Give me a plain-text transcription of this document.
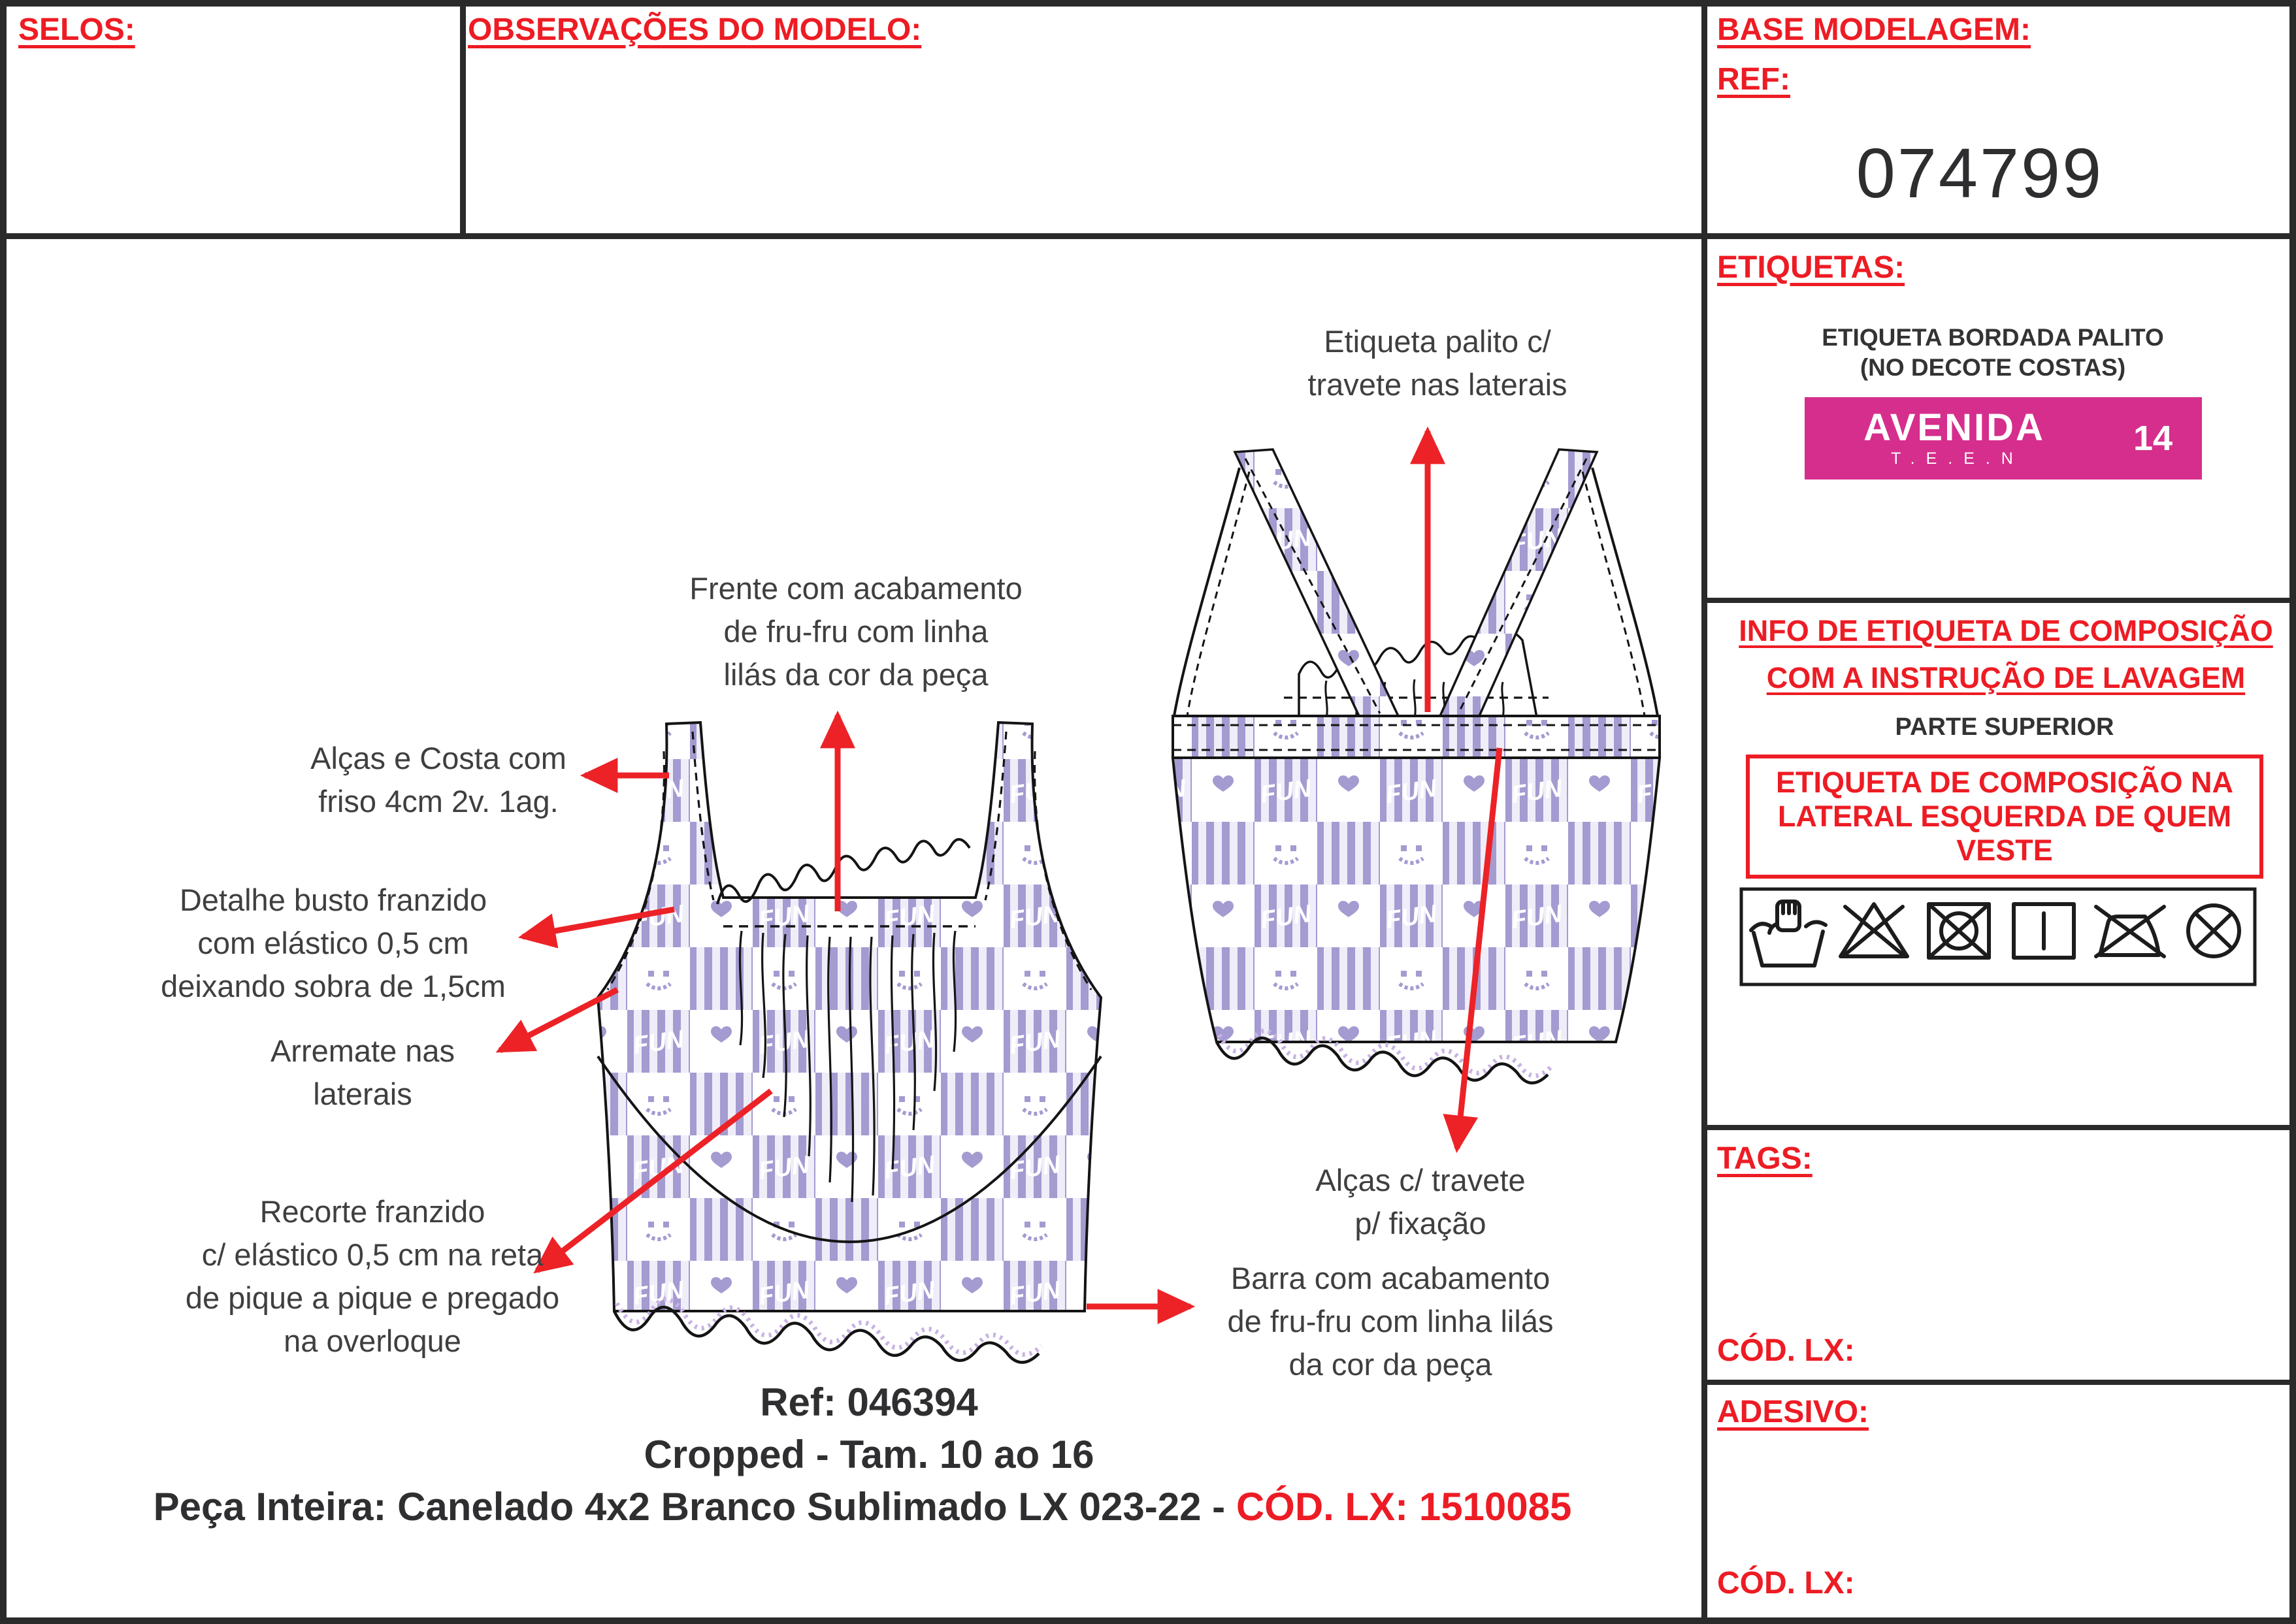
SELOS:	OBSERVAÇÕES DO MODELO:	BASE MODELAGEM:
REF:
074799
ETIQUETAS:
ETIQUETA BORDADA PALITO
(NO DECOTE COSTAS)
AVENIDA
T.E.E.N
14
INFO DE ETIQUETA DE COMPOSIÇÃO
COM A INSTRUÇÃO DE LAVAGEM
PARTE SUPERIOR
ETIQUETA DE COMPOSIÇÃO NA
LATERAL ESQUERDA DE QUEM
VESTE
TAGS:
CÓD. LX:
ADESIVO:
CÓD. LX:
Frente com acabamento
de fru-fru com linha
lilás da cor da peça
Alças e Costa com
friso 4cm 2v. 1ag.
Detalhe busto franzido
com elástico 0,5 cm
deixando sobra de 1,5cm
Arremate nas
laterais
Recorte franzido
c/ elástico 0,5 cm na reta
de pique a pique e pregado
na overloque
Etiqueta palito c/
travete nas laterais
Alças c/ travete
p/ fixação
Barra com acabamento
de fru-fru com linha lilás
da cor da peça
Ref: 046394
Cropped - Tam. 10 ao 16
Peça Inteira: Canelado 4x2 Branco Sublimado LX 023-22 - CÓD. LX: 1510085
